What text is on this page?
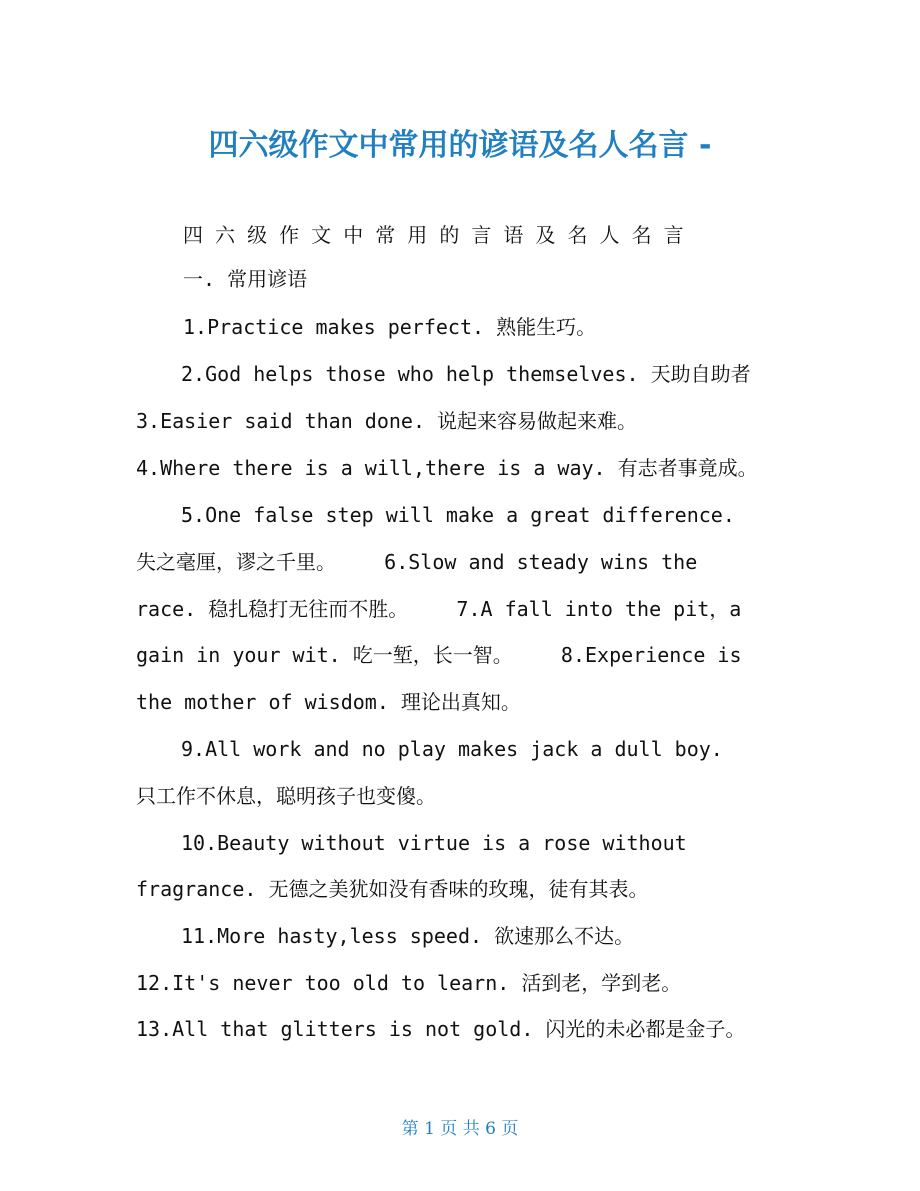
四六级作文中常用的谚语及名人名言 -
四 六 级 作 文 中 常 用 的 言 语 及 名 人 名 言
一. 常用谚语
1.Practice makes perfect. 熟能生巧。
2.God helps those who help themselves. 天助自助者
3.Easier said than done. 说起来容易做起来难。
4.Where there is a will,there is a way. 有志者事竟成。
5.One false step will make a great difference.
失之毫厘，谬之千里。    6.Slow and steady wins the
race. 稳扎稳打无往而不胜。    7.A fall into the pit，a
gain in your wit. 吃一堑，长一智。    8.Experience is
the mother of wisdom. 理论出真知。
9.All work and no play makes jack a dull boy.
只工作不休息，聪明孩子也变傻。
10.Beauty without virtue is a rose without
fragrance. 无德之美犹如没有香味的玫瑰，徒有其表。
11.More hasty,less speed. 欲速那么不达。
12.It's never too old to learn. 活到老，学到老。
13.All that glitters is not gold. 闪光的未必都是金子。
第 1 页 共 6 页
